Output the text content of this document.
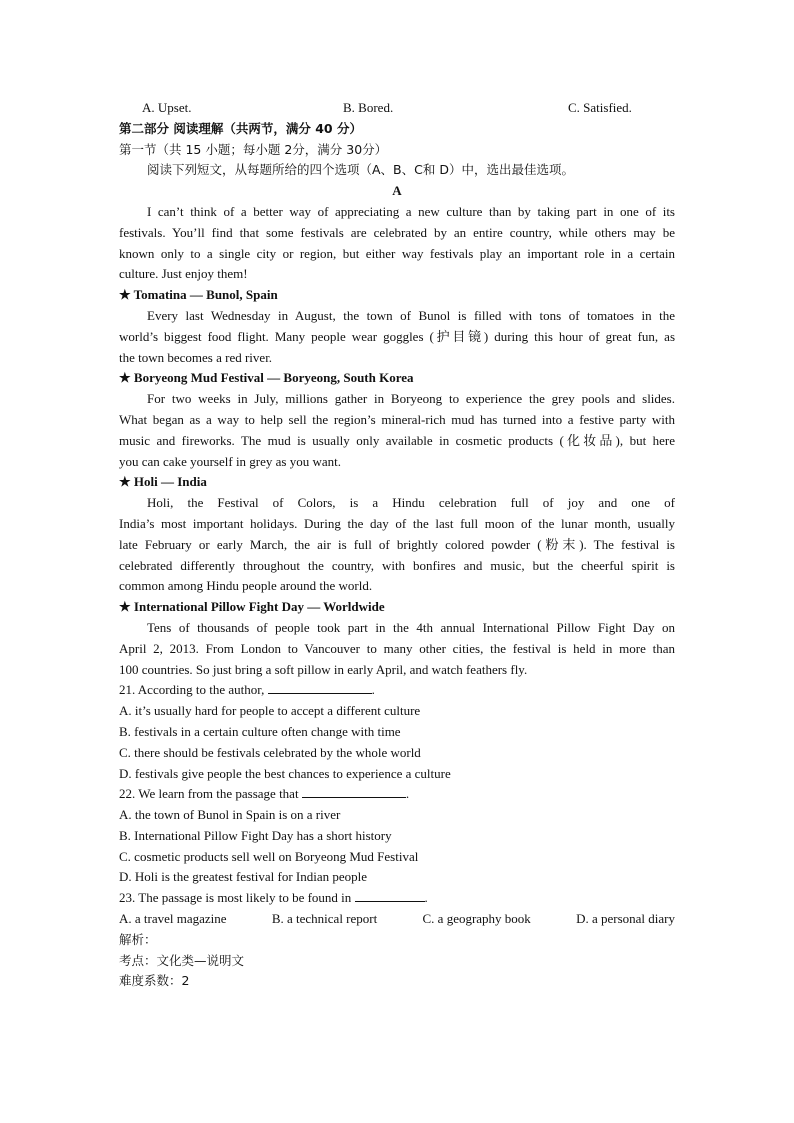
A. Upset.	B. Bored.	C. Satisfied.
第二部分 阅读理解（共两节，满分 40 分）
第一节（共 15 小题；每小题 2分，满分 30分）
阅读下列短文，从每题所给的四个选项（A、B、C和 D）中，选出最佳选项。
A
I can’t think of a better way of appreciating a new culture than by taking part in one of its
festivals. You’ll find that some festivals are celebrated by an entire country, while others may be
known only to a single city or region, but either way festivals play an important role in a certain
culture. Just enjoy them!
★ Tomatina — Bunol, Spain
Every last Wednesday in August, the town of Bunol is filled with tons of tomatoes in the
world’s biggest food flight. Many people wear goggles (护目镜) during this hour of great fun, as
the town becomes a red river.
★ Boryeong Mud Festival — Boryeong, South Korea
For two weeks in July, millions gather in Boryeong to experience the grey pools and slides.
What began as a way to help sell the region’s mineral-rich mud has turned into a festive party with
music and fireworks. The mud is usually only available in cosmetic products (化妆品), but here
you can cake yourself in grey as you want.
★ Holi — India
Holi, the Festival of Colors, is a Hindu celebration full of joy and one of
India’s most important holidays. During the day of the last full moon of the lunar month, usually
late February or early March, the air is full of brightly colored powder (粉末). The festival is
celebrated differently throughout the country, with bonfires and music, but the cheerful spirit is
common among Hindu people around the world.
★ International Pillow Fight Day — Worldwide
Tens of thousands of people took part in the 4th annual International Pillow Fight Day on
April 2, 2013. From London to Vancouver to many other cities, the festival is held in more than
100 countries. So just bring a soft pillow in early April, and watch feathers fly.
21. According to the author,	.
A. it’s usually hard for people to accept a different culture
B. festivals in a certain culture often change with time
C. there should be festivals celebrated by the whole world
D. festivals give people the best chances to experience a culture
22. We learn from the passage that	.
A. the town of Bunol in Spain is on a river
B. International Pillow Fight Day has a short history
C. cosmetic products sell well on Boryeong Mud Festival
D. Holi is the greatest festival for Indian people
23. The passage is most likely to be found in	.
A. a travel magazine	B. a technical report	C. a geography book	D. a personal diary
解析：
考点：文化类—说明文
难度系数：2
